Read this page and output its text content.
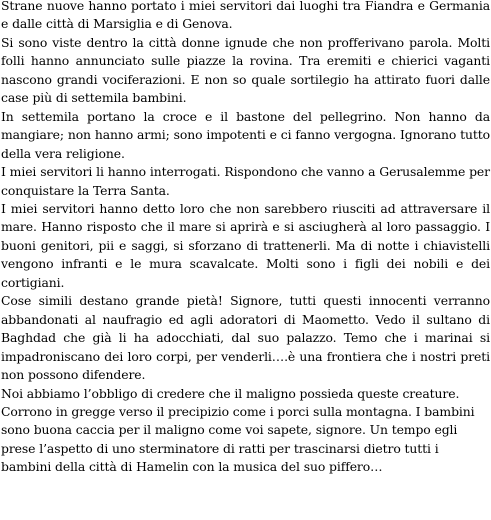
Strane nuove hanno portato i miei servitori dai luoghi tra Fiandra e Germania e dalle città di Marsiglia e di Genova.

Si sono viste dentro la città donne ignude che non profferivano parola. Molti folli hanno annunciato sulle piazze la rovina. Tra eremiti e chierici vaganti nascono grandi vociferazioni. E non so quale sortilegio ha attirato fuori dalle case più di settemila bambini.

In settemila portano la croce e il bastone del pellegrino. Non hanno da mangiare; non hanno armi; sono impotenti e ci fanno vergogna. Ignorano tutto della vera religione.

I miei servitori li hanno interrogati. Rispondono che vanno a Gerusalemme per conquistare la Terra Santa.

I miei servitori hanno detto loro che non sarebbero riusciti ad attraversare il mare. Hanno risposto che il mare si aprirà e si asciugherà al loro passaggio. I buoni genitori, pii e saggi, si sforzano di trattenerli. Ma di notte i chiavistelli vengono infranti e le mura scavalcate. Molti sono i figli dei nobili e dei cortigiani.

Cose simili destano grande pietà! Signore, tutti questi innocenti verranno abbandonati al naufragio ed agli adoratori di Maometto. Vedo il sultano di Baghdad che già li ha adocchiati, dal suo palazzo. Temo che i marinai si impadroniscano dei loro corpi, per venderli….è una frontiera che i nostri preti non possono difendere.

Noi abbiamo l’obbligo di credere che il maligno possieda queste creature. Corrono in gregge verso il precipizio come i porci sulla montagna. I bambini sono buona caccia per il maligno come voi sapete, signore. Un tempo egli prese l’aspetto di uno sterminatore di ratti per trascinarsi dietro tutti i bambini della città di Hamelin con la musica del suo piffero…
